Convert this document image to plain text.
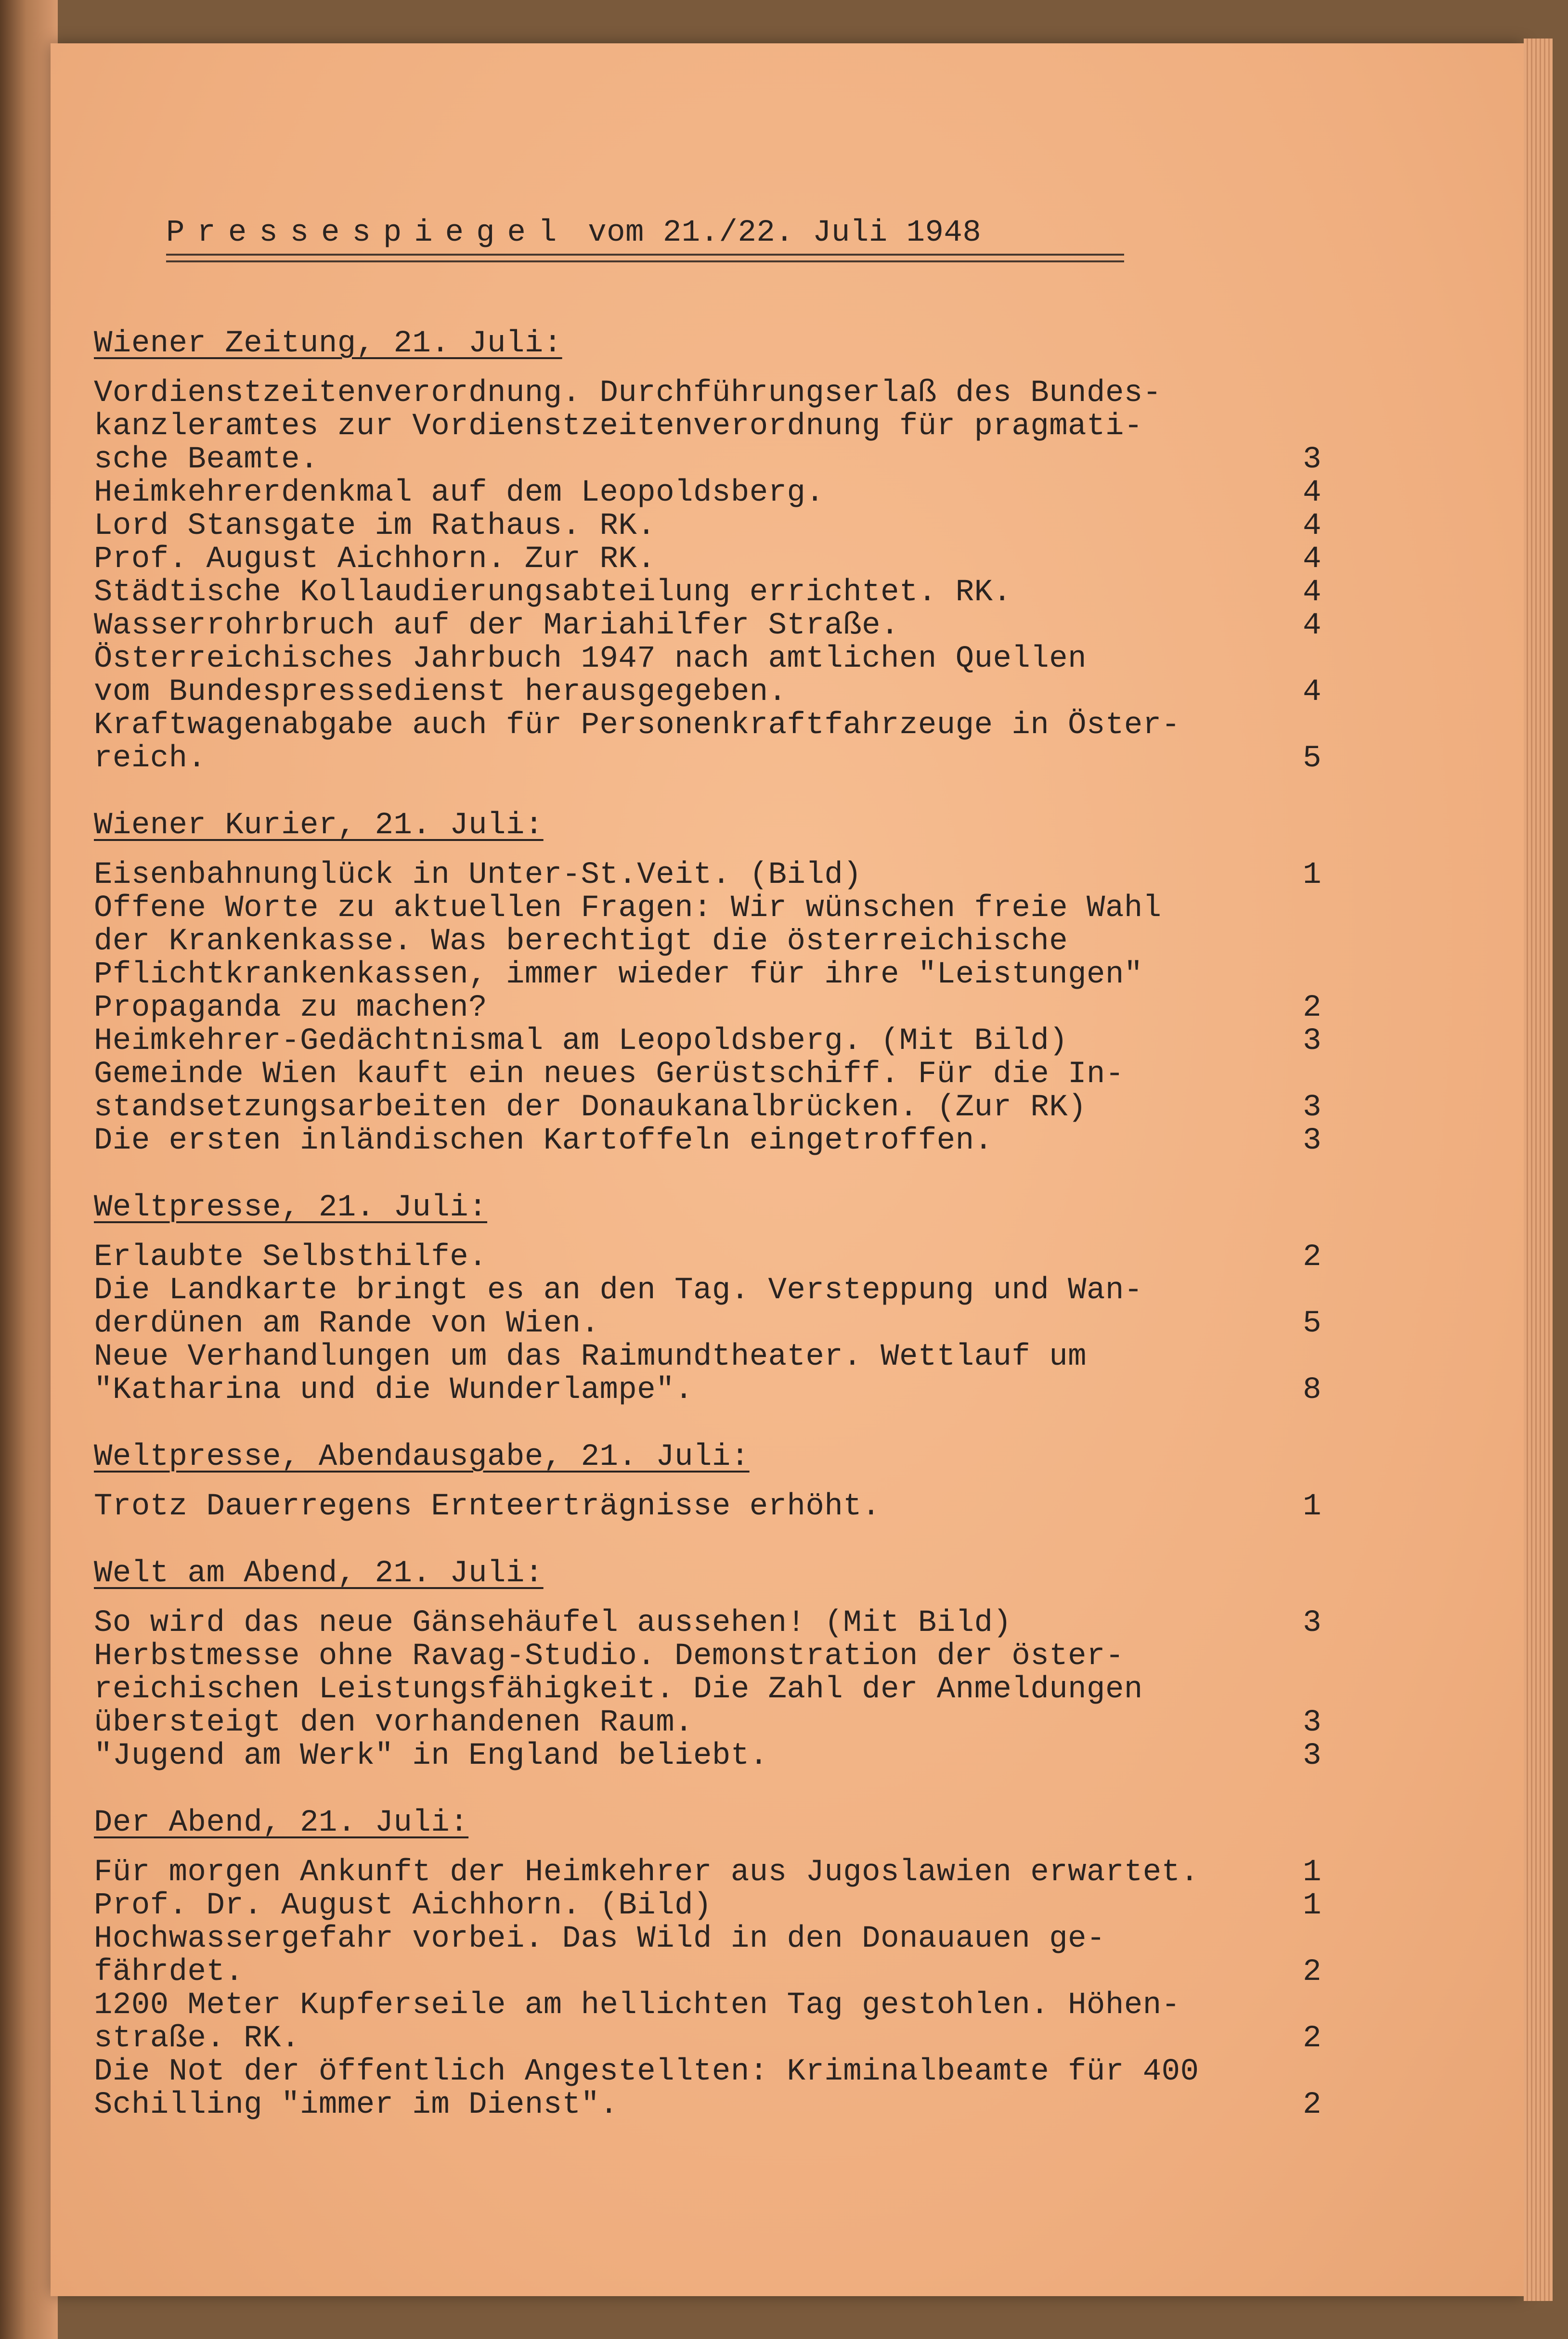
Pressespiegel vom 21./22. Juli 1948
Wiener Zeitung, 21. Juli:
Vordienstzeitenverordnung. Durchführungserlaß des Bundes-
kanzleramtes zur Vordienstzeitenverordnung für pragmati-
sche Beamte.	3
Heimkehrerdenkmal auf dem Leopoldsberg.	4
Lord Stansgate im Rathaus. RK.	4
Prof. August Aichhorn. Zur RK.	4
Städtische Kollaudierungsabteilung errichtet. RK.	4
Wasserrohrbruch auf der Mariahilfer Straße.	4
Österreichisches Jahrbuch 1947 nach amtlichen Quellen
vom Bundespressedienst herausgegeben.	4
Kraftwagenabgabe auch für Personenkraftfahrzeuge in Öster-
reich.	5
Wiener Kurier, 21. Juli:
Eisenbahnunglück in Unter-St.Veit. (Bild)	1
Offene Worte zu aktuellen Fragen: Wir wünschen freie Wahl
der Krankenkasse. Was berechtigt die österreichische
Pflichtkrankenkassen, immer wieder für ihre "Leistungen"
Propaganda zu machen?	2
Heimkehrer-Gedächtnismal am Leopoldsberg. (Mit Bild)	3
Gemeinde Wien kauft ein neues Gerüstschiff. Für die In-
standsetzungsarbeiten der Donaukanalbrücken. (Zur RK)	3
Die ersten inländischen Kartoffeln eingetroffen.	3
Weltpresse, 21. Juli:
Erlaubte Selbsthilfe.	2
Die Landkarte bringt es an den Tag. Versteppung und Wan-
derdünen am Rande von Wien.	5
Neue Verhandlungen um das Raimundtheater. Wettlauf um
"Katharina und die Wunderlampe".	8
Weltpresse, Abendausgabe, 21. Juli:
Trotz Dauerregens Ernteerträgnisse erhöht.	1
Welt am Abend, 21. Juli:
So wird das neue Gänsehäufel aussehen! (Mit Bild)	3
Herbstmesse ohne Ravag-Studio. Demonstration der öster-
reichischen Leistungsfähigkeit. Die Zahl der Anmeldungen
übersteigt den vorhandenen Raum.	3
"Jugend am Werk" in England beliebt.	3
Der Abend, 21. Juli:
Für morgen Ankunft der Heimkehrer aus Jugoslawien erwartet.	1
Prof. Dr. August Aichhorn. (Bild)	1
Hochwassergefahr vorbei. Das Wild in den Donauauen ge-
fährdet.	2
1200 Meter Kupferseile am hellichten Tag gestohlen. Höhen-
straße. RK.	2
Die Not der öffentlich Angestellten: Kriminalbeamte für 400
Schilling "immer im Dienst".	2
